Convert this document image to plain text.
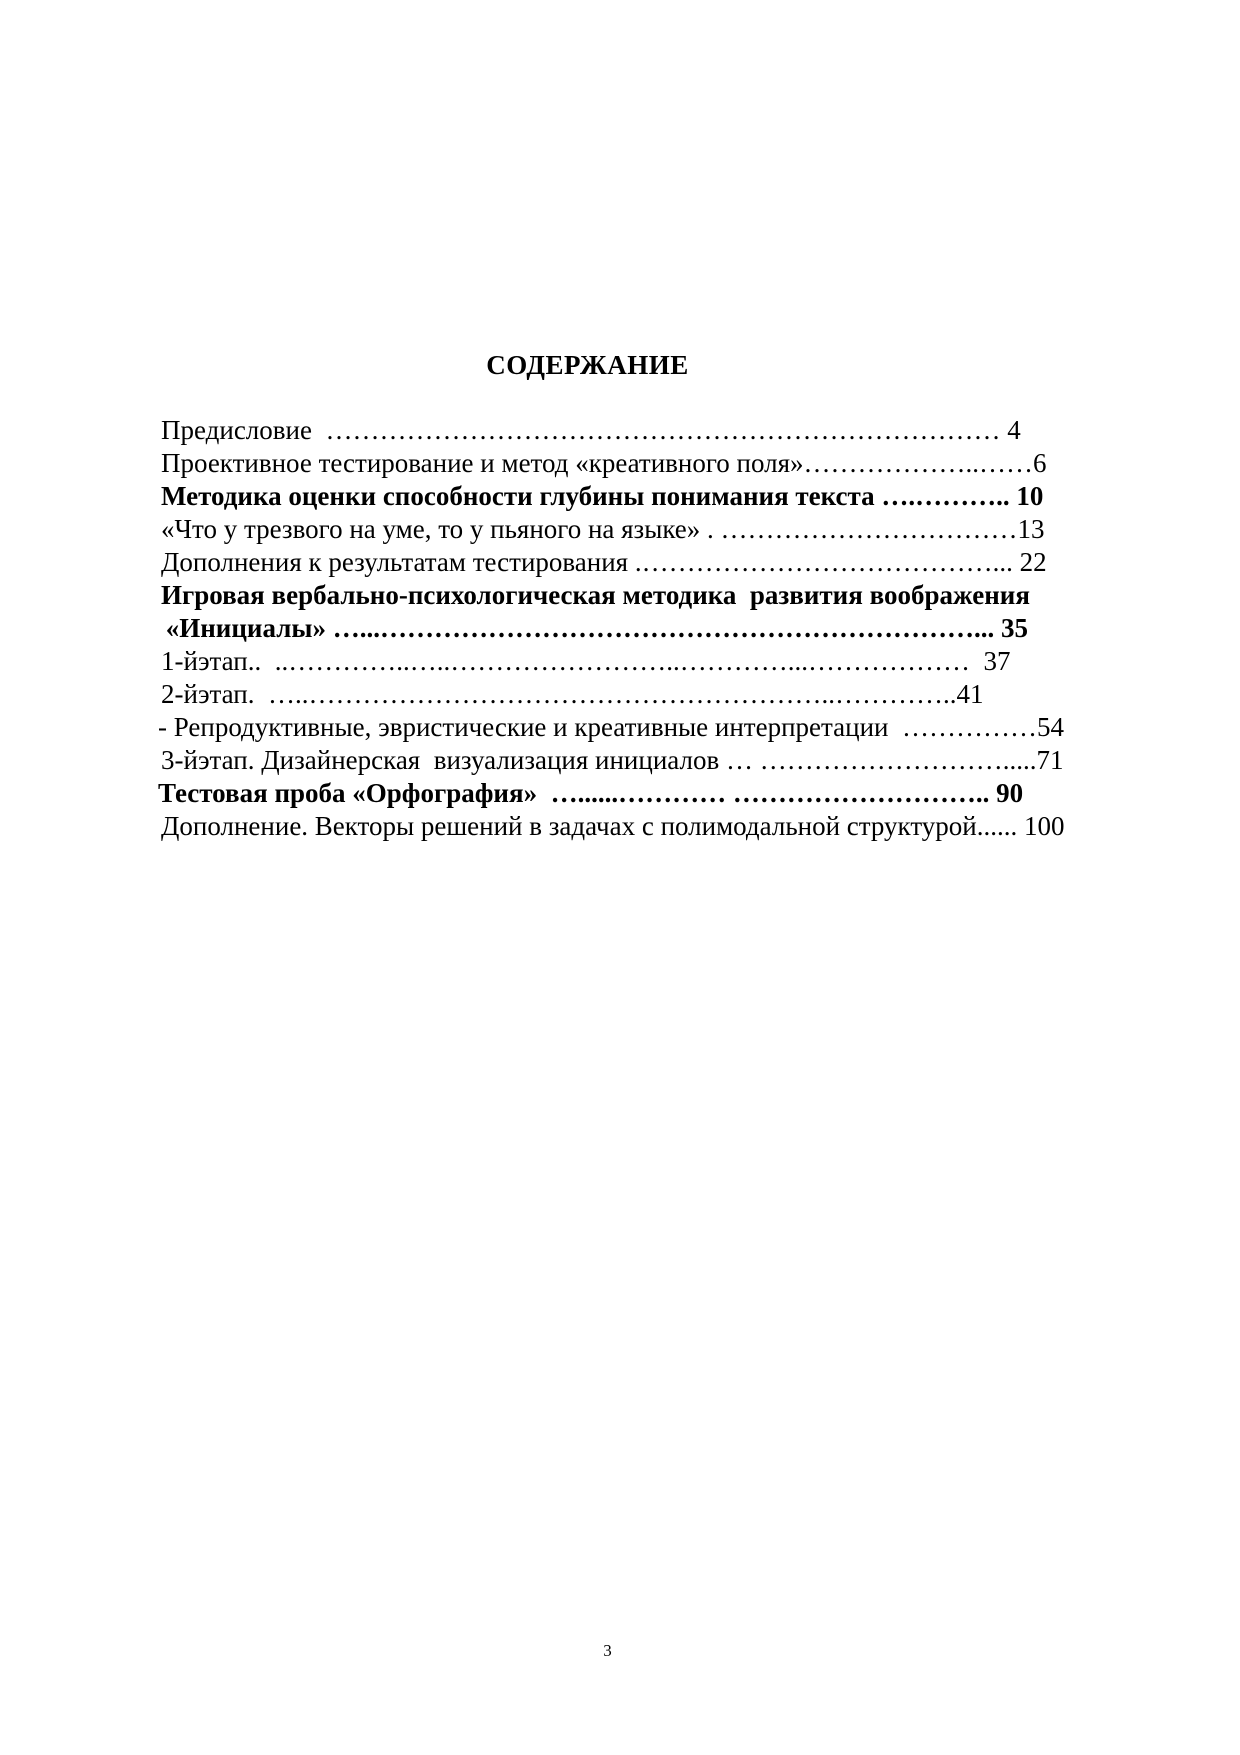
СОДЕРЖАНИЕ
Предисловие  ………………………………………………………………… 4
Проективное тестирование и метод «креативного поля»………………..……6
Методика оценки способности глубины понимания текста ….……….. 10
«Что у трезвого на уме, то у пьяного на языке» . ……………………………13
Дополнения к результатам тестирования .…………………………………... 22
Игровая вербально-психологическая методика  развития воображения
«Инициалы» …...…………………………………………………………... 35
1-йэтап..  ..…………..…..……………………..…………...………………  37
2-йэтап.  …..…………………………………………………..…………..41
- Репродуктивные, эвристические и креативные интерпретации  ……………54
3-йэтап. Дизайнерская  визуализация инициалов … ……………………….....71
Тестовая проба «Орфография»  …......………… ……………………….. 90
Дополнение. Векторы решений в задачах с полимодальной структурой...... 100
3
